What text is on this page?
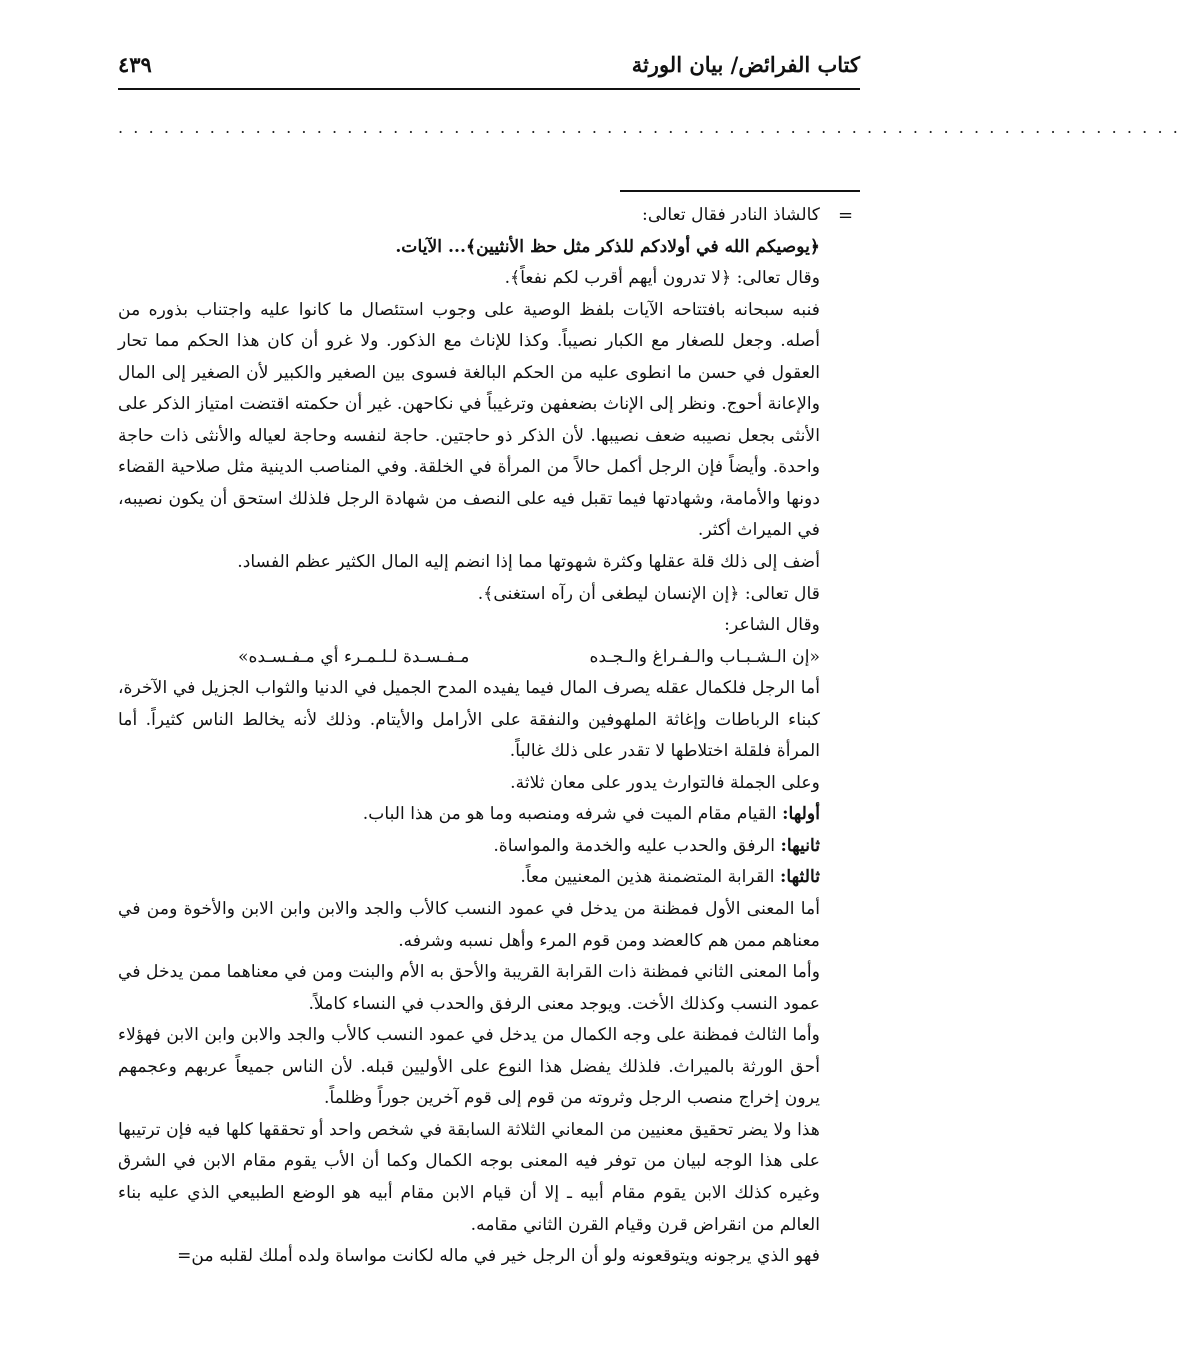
كتاب الفرائض/ بيان الورثة
٤٣٩
......................................................................
=

كالشاذ النادر فقال تعالى:

﴿يوصيكم الله في أولادكم للذكر مثل حظ الأنثيين﴾... الآيات.

وقال تعالى: ﴿لا تدرون أيهم أقرب لكم نفعاً﴾.

فنبه سبحانه بافتتاحه الآيات بلفظ الوصية على وجوب استئصال ما كانوا عليه واجتناب بذوره من أصله. وجعل للصغار مع الكبار نصيباً. وكذا للإناث مع الذكور. ولا غرو أن كان هذا الحكم مما تحار العقول في حسن ما انطوى عليه من الحكم البالغة فسوى بين الصغير والكبير لأن الصغير إلى المال والإعانة أحوج. ونظر إلى الإناث بضعفهن وترغيباً في نكاحهن. غير أن حكمته اقتضت امتياز الذكر على الأنثى بجعل نصيبه ضعف نصيبها. لأن الذكر ذو حاجتين. حاجة لنفسه وحاجة لعياله والأنثى ذات حاجة واحدة. وأيضاً فإن الرجل أكمل حالاً من المرأة في الخلقة. وفي المناصب الدينية مثل صلاحية القضاء دونها والأمامة، وشهادتها فيما تقبل فيه على النصف من شهادة الرجل فلذلك استحق أن يكون نصيبه، في الميراث أكثر.

أضف إلى ذلك قلة عقلها وكثرة شهوتها مما إذا انضم إليه المال الكثير عظم الفساد.

قال تعالى: ﴿إن الإنسان ليطغى أن رآه استغنى﴾.

وقال الشاعر:

«إن الـشـبـاب والـفـراغ والـجـده
مـفـسـدة لـلـمـرء أي مـفـسـده»

أما الرجل فلكمال عقله يصرف المال فيما يفيده المدح الجميل في الدنيا والثواب الجزيل في الآخرة، كبناء الرباطات وإغاثة الملهوفين والنفقة على الأرامل والأيتام. وذلك لأنه يخالط الناس كثيراً. أما المرأة فلقلة اختلاطها لا تقدر على ذلك غالباً.

وعلى الجملة فالتوارث يدور على معان ثلاثة.

أولها: القيام مقام الميت في شرفه ومنصبه وما هو من هذا الباب.

ثانيها: الرفق والحدب عليه والخدمة والمواساة.

ثالثها: القرابة المتضمنة هذين المعنيين معاً.

أما المعنى الأول فمظنة من يدخل في عمود النسب كالأب والجد والابن وابن الابن والأخوة ومن في معناهم ممن هم كالعضد ومن قوم المرء وأهل نسبه وشرفه.

وأما المعنى الثاني فمظنة ذات القرابة القريبة والأحق به الأم والبنت ومن في معناهما ممن يدخل في عمود النسب وكذلك الأخت. ويوجد معنى الرفق والحدب في النساء كاملاً.

وأما الثالث فمظنة على وجه الكمال من يدخل في عمود النسب كالأب والجد والابن وابن الابن فهؤلاء أحق الورثة بالميراث. فلذلك يفضل هذا النوع على الأوليين قبله. لأن الناس جميعاً عربهم وعجمهم يرون إخراج منصب الرجل وثروته من قوم إلى قوم آخرين جوراً وظلماً.

هذا ولا يضر تحقيق معنيين من المعاني الثلاثة السابقة في شخص واحد أو تحققها كلها فيه فإن ترتيبها على هذا الوجه لبيان من توفر فيه المعنى بوجه الكمال وكما أن الأب يقوم مقام الابن في الشرق وغيره كذلك الابن يقوم مقام أبيه ـ إلا أن قيام الابن مقام أبيه هو الوضع الطبيعي الذي عليه بناء العالم من انقراض قرن وقيام القرن الثاني مقامه.

فهو الذي يرجونه ويتوقعونه ولو أن الرجل خير في ماله لكانت مواساة ولده أملك لقلبه من=
